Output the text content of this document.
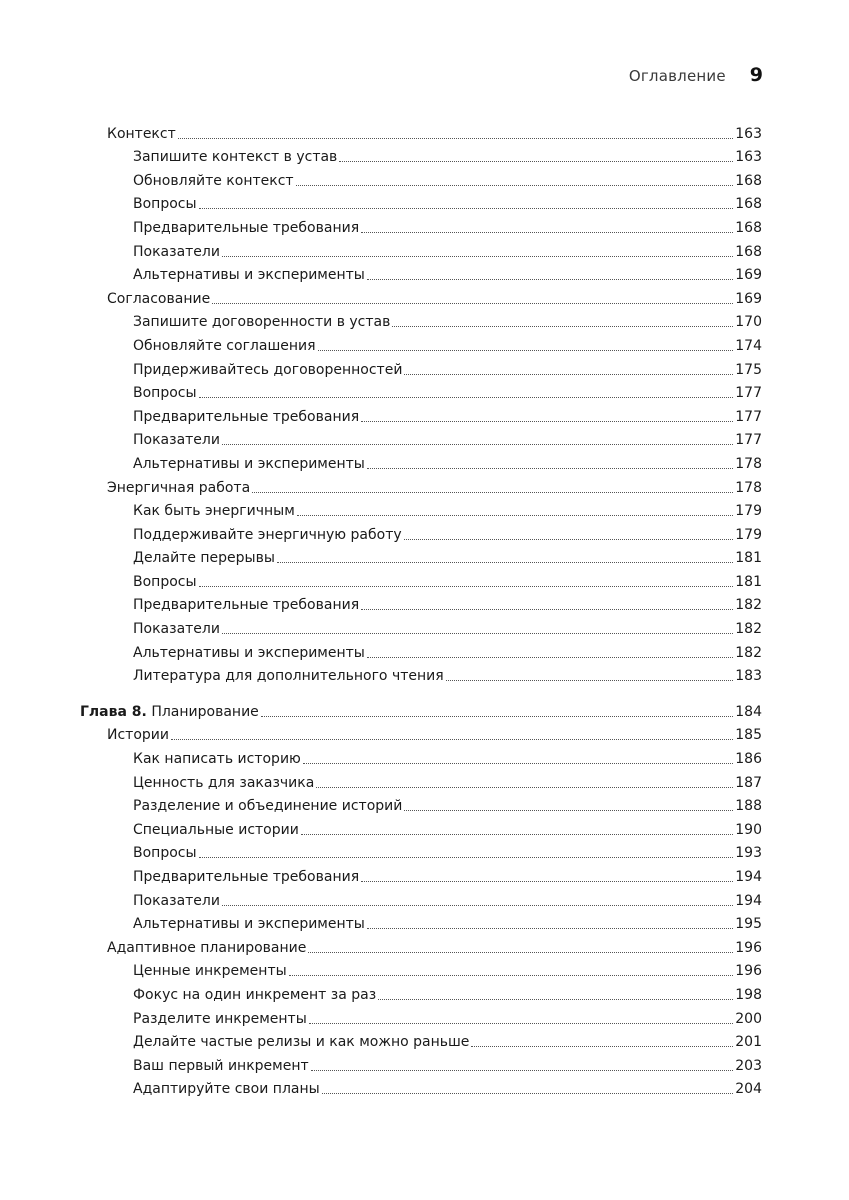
Оглавление 9
Контекст	163
Запишите контекст в устав	163
Обновляйте контекст	168
Вопросы	168
Предварительные требования	168
Показатели	168
Альтернативы и эксперименты	169
Согласование	169
Запишите договоренности в устав	170
Обновляйте соглашения	174
Придерживайтесь договоренностей	175
Вопросы	177
Предварительные требования	177
Показатели	177
Альтернативы и эксперименты	178
Энергичная работа	178
Как быть энергичным	179
Поддерживайте энергичную работу	179
Делайте перерывы	181
Вопросы	181
Предварительные требования	182
Показатели	182
Альтернативы и эксперименты	182
Литература для дополнительного чтения	183
Глава 8. Планирование	184
Истории	185
Как написать историю	186
Ценность для заказчика	187
Разделение и объединение историй	188
Специальные истории	190
Вопросы	193
Предварительные требования	194
Показатели	194
Альтернативы и эксперименты	195
Адаптивное планирование	196
Ценные инкременты	196
Фокус на один инкремент за раз	198
Разделите инкременты	200
Делайте частые релизы и как можно раньше	201
Ваш первый инкремент	203
Адаптируйте свои планы	204
